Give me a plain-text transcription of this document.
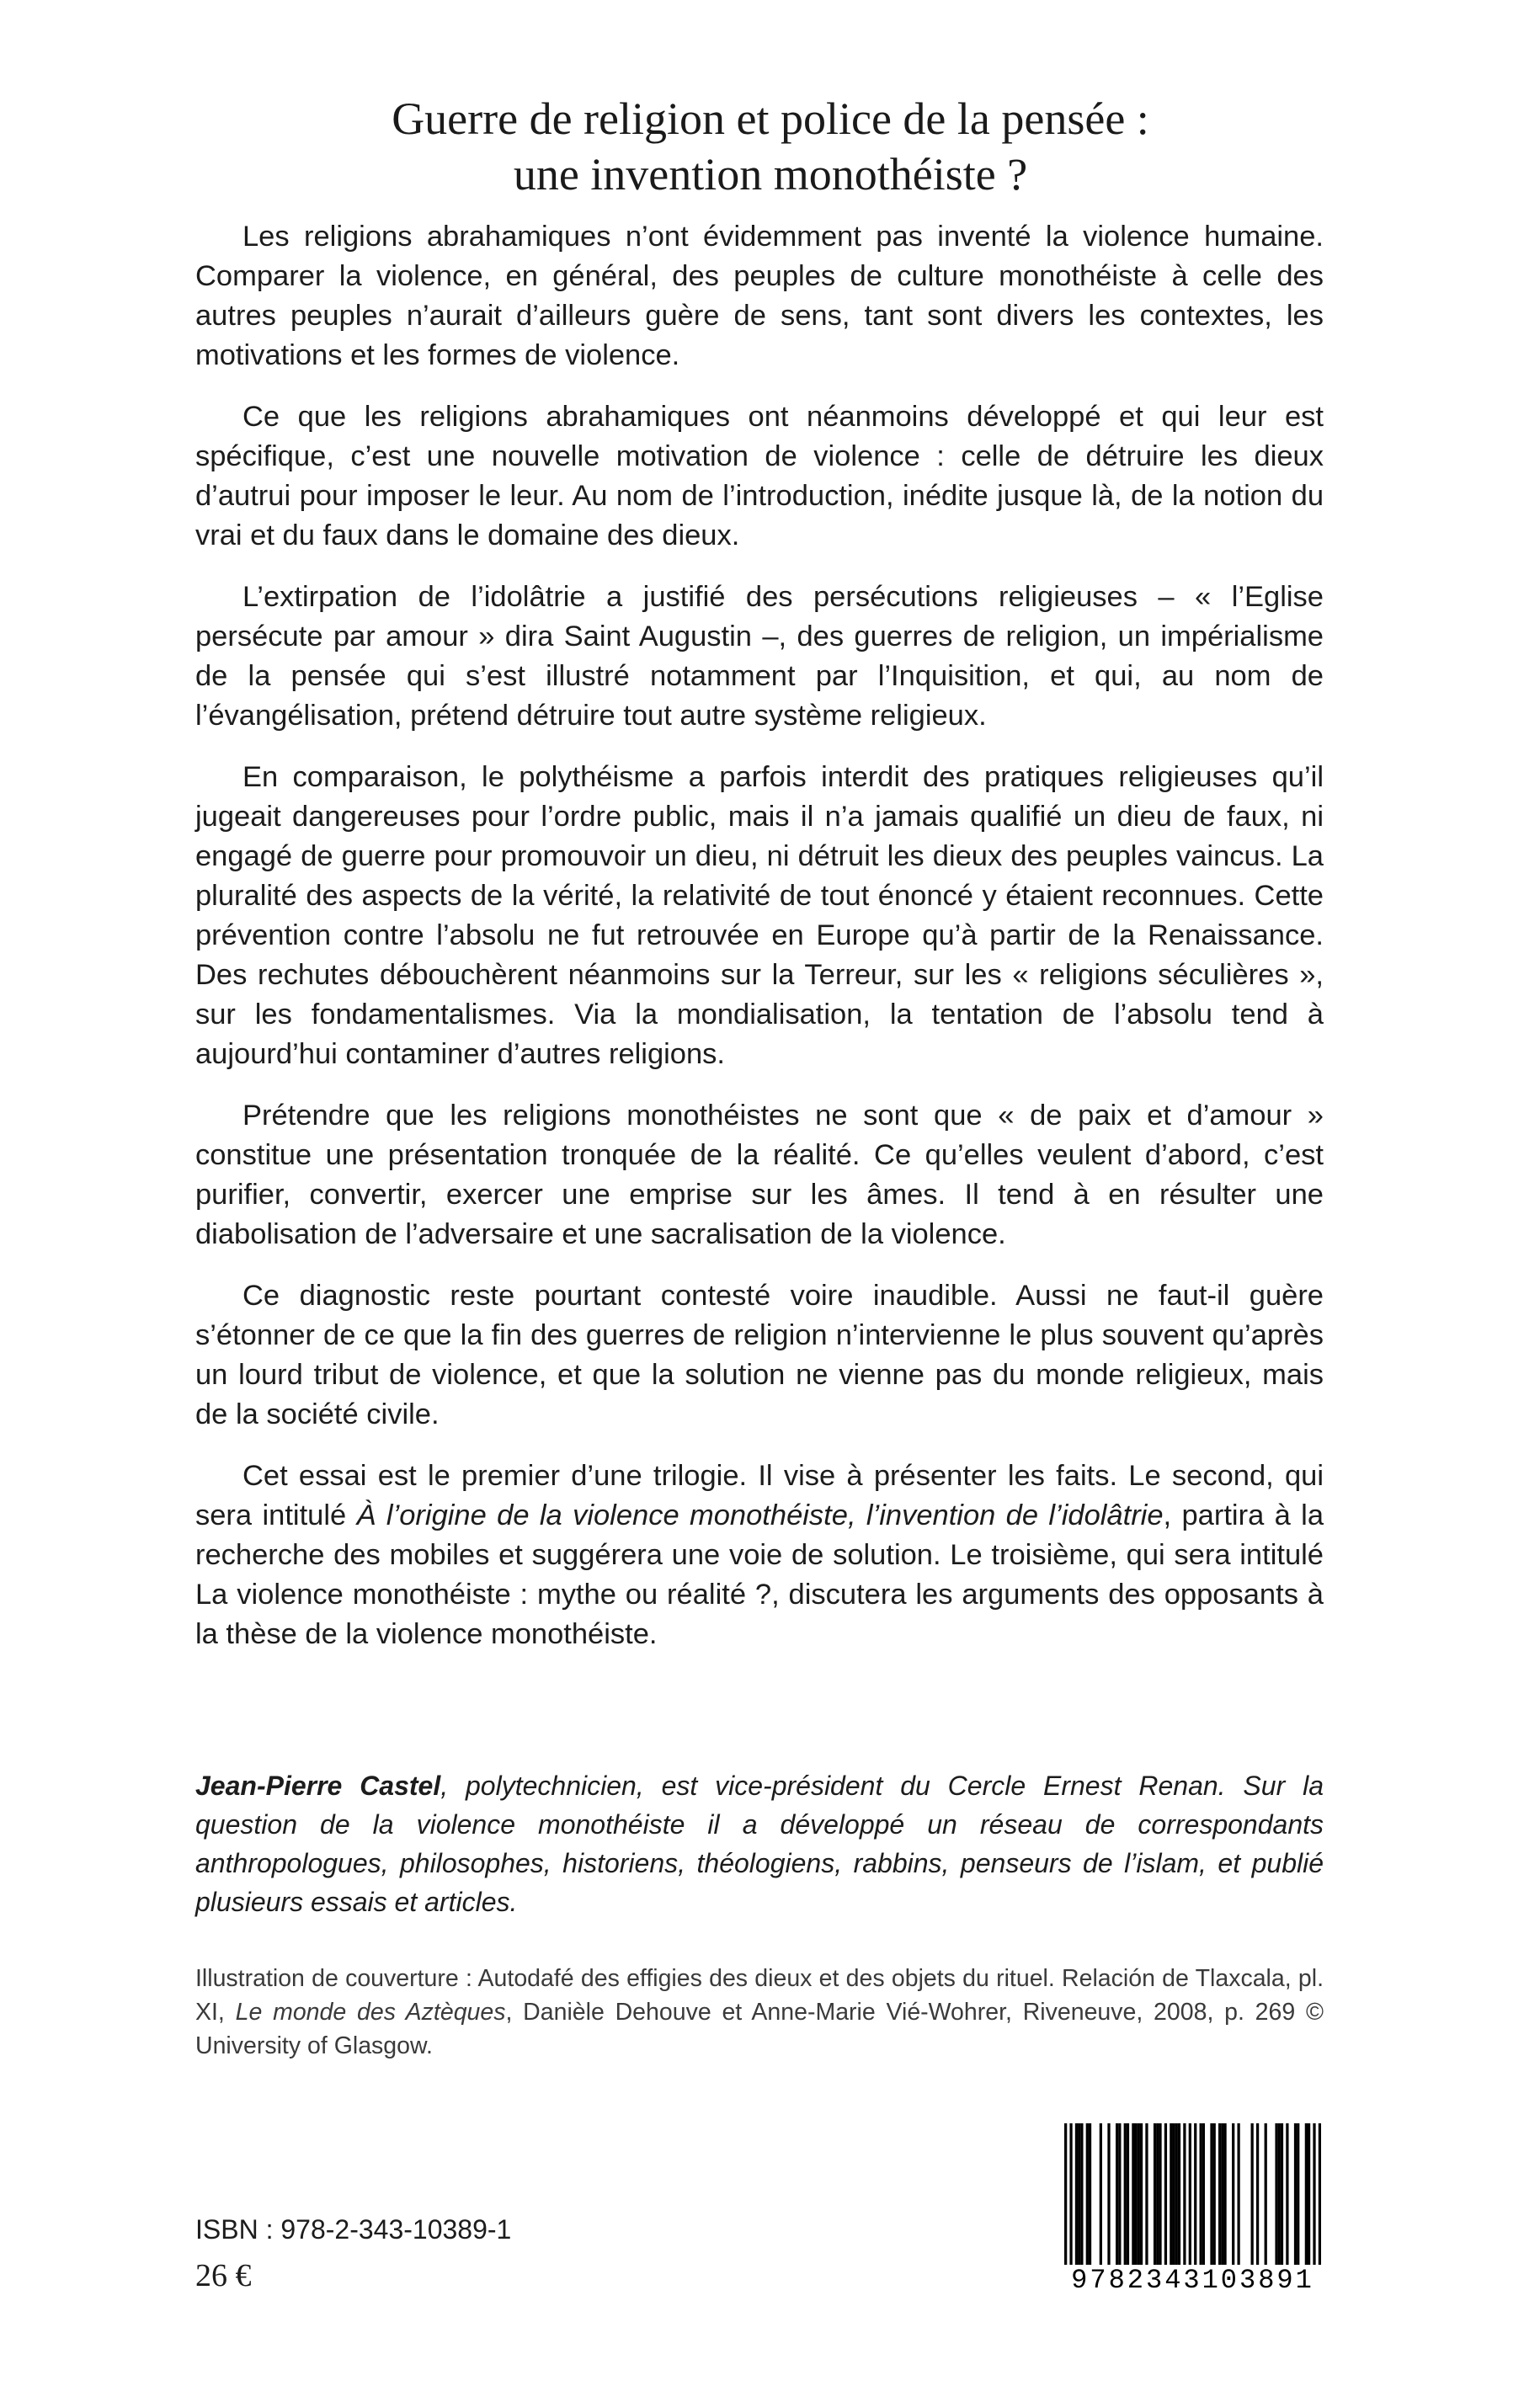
Guerre de religion et police de la pensée :
une invention monothéiste ?

Les religions abrahamiques n’ont évidemment pas inventé la violence humaine. Comparer la violence, en général, des peuples de culture monothéiste à celle des autres peuples n’aurait d’ailleurs guère de sens, tant sont divers les contextes, les motivations et les formes de violence.

Ce que les religions abrahamiques ont néanmoins développé et qui leur est spécifique, c’est une nouvelle motivation de violence : celle de détruire les dieux d’autrui pour imposer le leur. Au nom de l’introduction, inédite jusque là, de la notion du vrai et du faux dans le domaine des dieux.

L’extirpation de l’idolâtrie a justifié des persécutions religieuses – « l’Eglise persécute par amour » dira Saint Augustin –, des guerres de religion, un impérialisme de la pensée qui s’est illustré notamment par l’Inquisition, et qui, au nom de l’évangélisation, prétend détruire tout autre système religieux.

En comparaison, le polythéisme a parfois interdit des pratiques religieuses qu’il jugeait dangereuses pour l’ordre public, mais il n’a jamais qualifié un dieu de faux, ni engagé de guerre pour promouvoir un dieu, ni détruit les dieux des peuples vaincus. La pluralité des aspects de la vérité, la relativité de tout énoncé y étaient reconnues. Cette prévention contre l’absolu ne fut retrouvée en Europe qu’à partir de la Renaissance. Des rechutes débouchèrent néanmoins sur la Terreur, sur les « religions séculières », sur les fondamentalismes. Via la mondialisation, la tentation de l’absolu tend à aujourd’hui contaminer d’autres religions.

Prétendre que les religions monothéistes ne sont que « de paix et d’amour » constitue une présentation tronquée de la réalité. Ce qu’elles veulent d’abord, c’est purifier, convertir, exercer une emprise sur les âmes. Il tend à en résulter une diabolisation de l’adversaire et une sacralisation de la violence.

Ce diagnostic reste pourtant contesté voire inaudible. Aussi ne faut-il guère s’étonner de ce que la fin des guerres de religion n’intervienne le plus souvent qu’après un lourd tribut de violence, et que la solution ne vienne pas du monde religieux, mais de la société civile.

Cet essai est le premier d’une trilogie. Il vise à présenter les faits. Le second, qui sera intitulé À l’origine de la violence monothéiste, l’invention de l’idolâtrie, partira à la recherche des mobiles et suggérera une voie de solution. Le troisième, qui sera intitulé La violence monothéiste : mythe ou réalité ?, discutera les arguments des opposants à la thèse de la violence monothéiste.

Jean-Pierre Castel, polytechnicien, est vice-président du Cercle Ernest Renan. Sur la question de la violence monothéiste il a développé un réseau de correspondants anthropologues, philosophes, historiens, théologiens, rabbins, penseurs de l’islam, et publié plusieurs essais et articles.

Illustration de couverture : Autodafé des effigies des dieux et des objets du rituel. Relación de Tlaxcala, pl. XI, Le monde des Aztèques, Danièle Dehouve et Anne-Marie Vié-Wohrer, Riveneuve, 2008, p. 269 © University of Glasgow.

ISBN : 978-2-343-10389-1
26 €	9782343103891
